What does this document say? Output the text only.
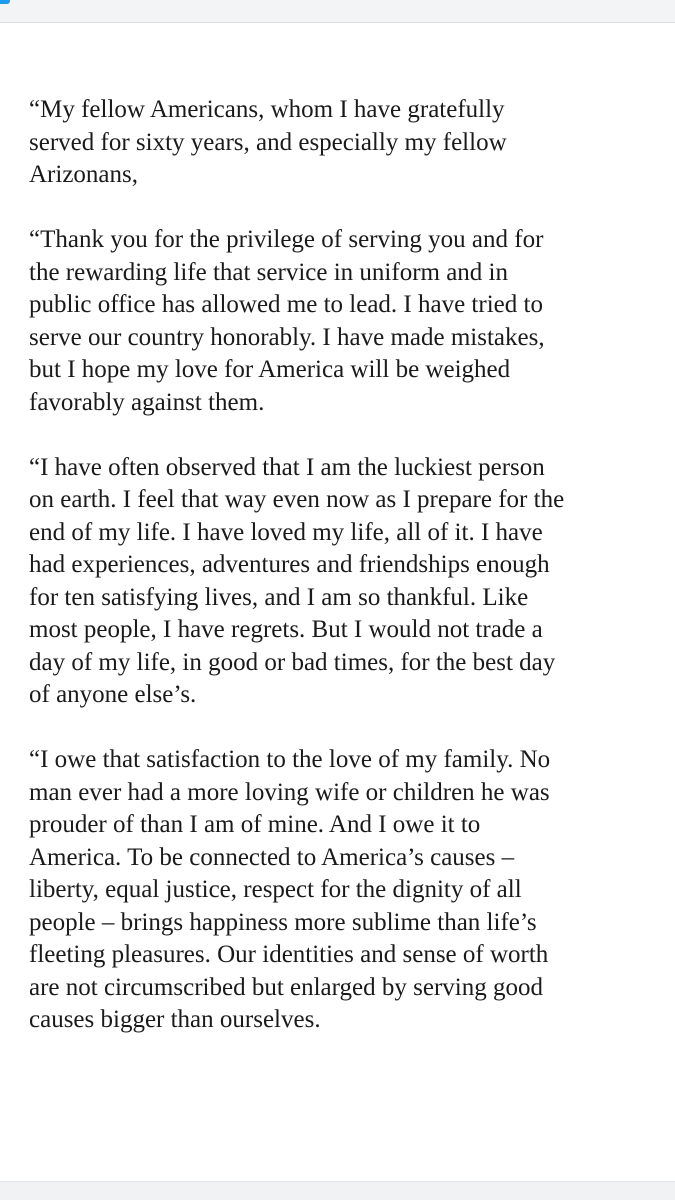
“My fellow Americans, whom I have gratefully
served for sixty years, and especially my fellow
Arizonans,
“Thank you for the privilege of serving you and for
the rewarding life that service in uniform and in
public office has allowed me to lead. I have tried to
serve our country honorably. I have made mistakes,
but I hope my love for America will be weighed
favorably against them.
“I have often observed that I am the luckiest person
on earth. I feel that way even now as I prepare for the
end of my life. I have loved my life, all of it. I have
had experiences, adventures and friendships enough
for ten satisfying lives, and I am so thankful. Like
most people, I have regrets. But I would not trade a
day of my life, in good or bad times, for the best day
of anyone else’s.
“I owe that satisfaction to the love of my family. No
man ever had a more loving wife or children he was
prouder of than I am of mine. And I owe it to
America. To be connected to America’s causes –
liberty, equal justice, respect for the dignity of all
people – brings happiness more sublime than life’s
fleeting pleasures. Our identities and sense of worth
are not circumscribed but enlarged by serving good
causes bigger than ourselves.
